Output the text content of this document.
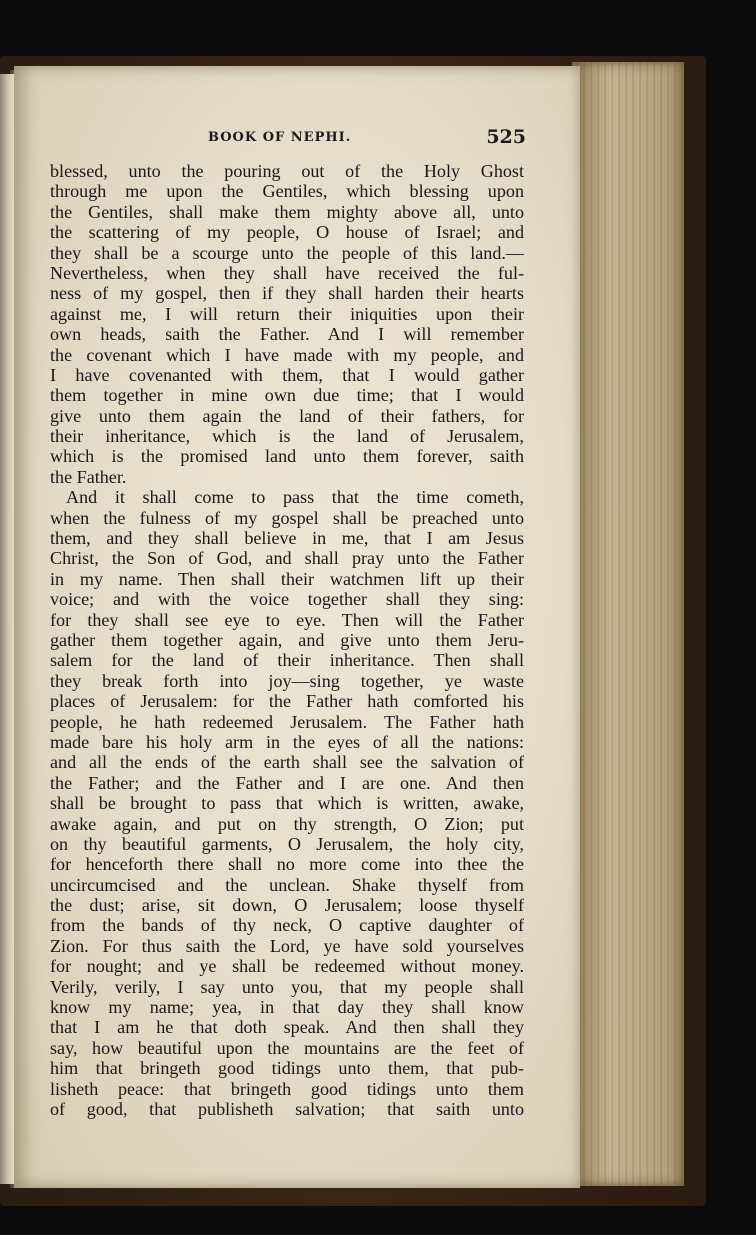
BOOK OF NEPHI.	525
blessed, unto the pouring out of the Holy Ghost
through me upon the Gentiles, which blessing upon
the Gentiles, shall make them mighty above all, unto
the scattering of my people, O house of Israel; and
they shall be a scourge unto the people of this land.—
Nevertheless, when they shall have received the ful-
ness of my gospel, then if they shall harden their hearts
against me, I will return their iniquities upon their
own heads, saith the Father. And I will remember
the covenant which I have made with my people, and
I have covenanted with them, that I would gather
them together in mine own due time; that I would
give unto them again the land of their fathers, for
their inheritance, which is the land of Jerusalem,
which is the promised land unto them forever, saith
the Father.
And it shall come to pass that the time cometh,
when the fulness of my gospel shall be preached unto
them, and they shall believe in me, that I am Jesus
Christ, the Son of God, and shall pray unto the Father
in my name. Then shall their watchmen lift up their
voice; and with the voice together shall they sing:
for they shall see eye to eye. Then will the Father
gather them together again, and give unto them Jeru-
salem for the land of their inheritance. Then shall
they break forth into joy—sing together, ye waste
places of Jerusalem: for the Father hath comforted his
people, he hath redeemed Jerusalem. The Father hath
made bare his holy arm in the eyes of all the nations:
and all the ends of the earth shall see the salvation of
the Father; and the Father and I are one. And then
shall be brought to pass that which is written, awake,
awake again, and put on thy strength, O Zion; put
on thy beautiful garments, O Jerusalem, the holy city,
for henceforth there shall no more come into thee the
uncircumcised and the unclean. Shake thyself from
the dust; arise, sit down, O Jerusalem; loose thyself
from the bands of thy neck, O captive daughter of
Zion. For thus saith the Lord, ye have sold yourselves
for nought; and ye shall be redeemed without money.
Verily, verily, I say unto you, that my people shall
know my name; yea, in that day they shall know
that I am he that doth speak. And then shall they
say, how beautiful upon the mountains are the feet of
him that bringeth good tidings unto them, that pub-
lisheth peace: that bringeth good tidings unto them
of good, that publisheth salvation; that saith unto
